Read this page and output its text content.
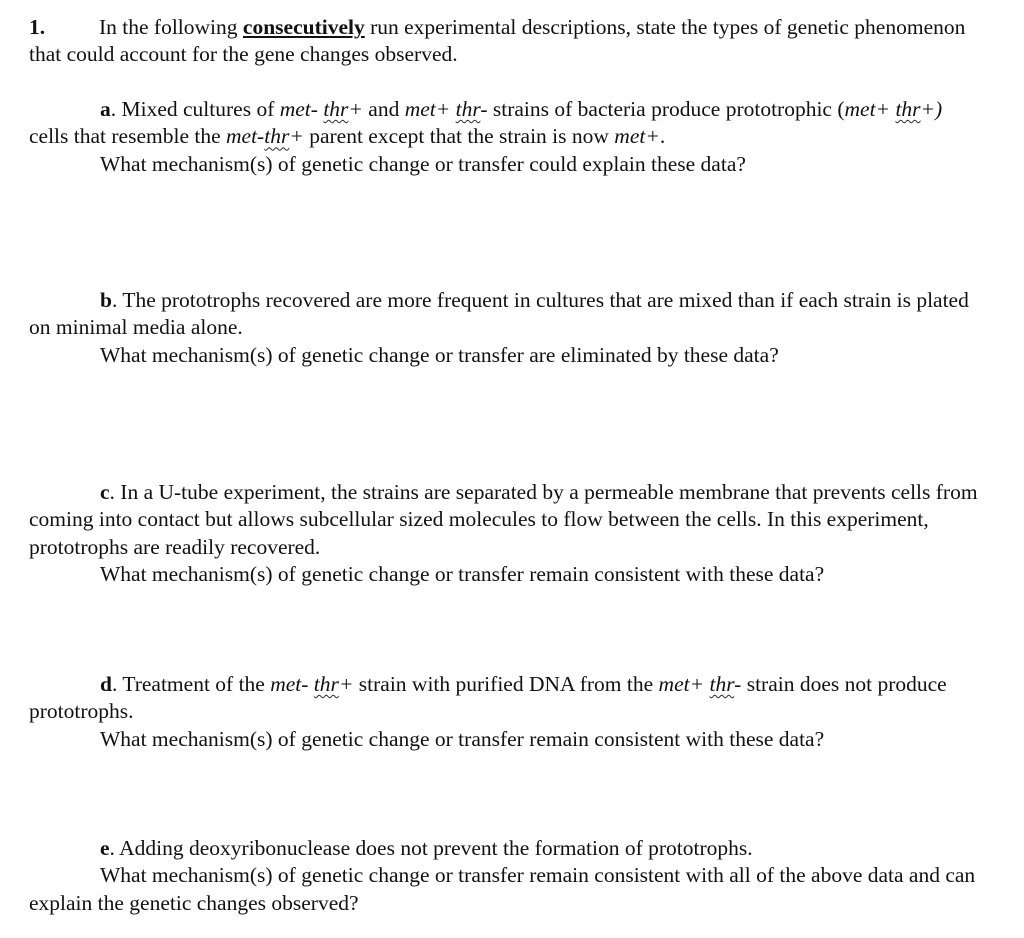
1.	In the following consecutively run experimental descriptions, state the types of genetic phenomenon that could account for the gene changes observed.
a. Mixed cultures of met- thr+ and met+ thr- strains of bacteria produce prototrophic (met+ thr+) cells that resemble the met-thr+ parent except that the strain is now met+.
What mechanism(s) of genetic change or transfer could explain these data?
b. The prototrophs recovered are more frequent in cultures that are mixed than if each strain is plated on minimal media alone.
What mechanism(s) of genetic change or transfer are eliminated by these data?
c. In a U-tube experiment, the strains are separated by a permeable membrane that prevents cells from coming into contact but allows subcellular sized molecules to flow between the cells. In this experiment, prototrophs are readily recovered.
What mechanism(s) of genetic change or transfer remain consistent with these data?
d. Treatment of the met- thr+ strain with purified DNA from the met+ thr- strain does not produce prototrophs.
What mechanism(s) of genetic change or transfer remain consistent with these data?
e. Adding deoxyribonuclease does not prevent the formation of prototrophs.
What mechanism(s) of genetic change or transfer remain consistent with all of the above data and can explain the genetic changes observed?
